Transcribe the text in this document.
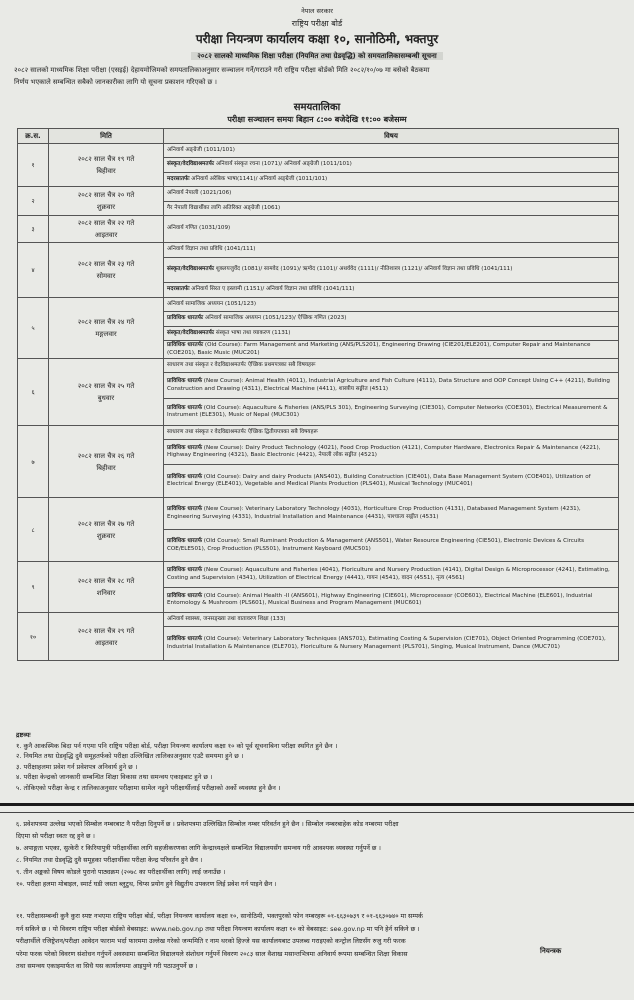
नेपाल सरकार
राष्ट्रिय परीक्षा बोर्ड
परीक्षा नियन्त्रण कार्यालय कक्षा १०, सानोठिमी, भक्तपुर
२०८२ सालको माध्यमिक शिक्षा परीक्षा (नियमित तथा ग्रेडवृद्धि) को समयतालिकासम्बन्धी सूचना
२०८२ सालको माध्यमिक शिक्षा परीक्षा (एसइई) देहायमोजिमको समयतालिकाअनुसार सञ्चालन गर्ने/गराउने गरी राष्ट्रिय परीक्षा बोर्डको मिति २०८२/१०/०७ मा बसेको बैठकमा
निर्णय भएकाले सम्बन्धित सबैको जानकारीका लागि यो सूचना प्रकाशन गरिएको छ ।
समयतालिका
परीक्षा सञ्चालन समयः बिहान ८:०० बजेदेखि ११:०० बजेसम्म
क्र.स.	मिति	विषय
१	२०८२ साल चैत्र १९ गते
बिहीवार	अनिवार्य अङ्ग्रेजी (1011/101)
		संस्कृत/वेदविद्याश्रमतर्फः अनिवार्य संस्कृत रचना (1071)/ अनिवार्य अङ्ग्रेजी (1011/101)
		मदरसातर्फः अनिवार्य अरेबिक भाषा(1141)/ अनिवार्य अङ्ग्रेजी (1011/101)
२	२०८२ साल चैत्र २० गते
शुक्रवार	अनिवार्य नेपाली (1021/106)
		गैर नेपाली विद्यार्थीका लागि अतिरिक्त अङ्ग्रेजी (1061)
३	२०८२ साल चैत्र २२ गते
आइतवार	अनिवार्य गणित (1031/109)
४	२०८२ साल चैत्र २३ गते
सोमवार	अनिवार्य विज्ञान तथा प्रविधि (1041/111)
		संस्कृत/वेदविद्याश्रमतर्फः शुक्लयजुर्वेद (1081)/ सामवेद (1091)/ ऋग्वेद (1101)/ अथर्ववेद (1111)/ नीतिशास्त्र (1121)/ अनिवार्य विज्ञान तथा प्रविधि (1041/111)
		मदरसातर्फः अनिवार्य सिरत ए इस्लामी (1151)/ अनिवार्य विज्ञान तथा प्रविधि (1041/111)
५	२०८२ साल चैत्र २४ गते
मङ्गलवार	अनिवार्य सामाजिक अध्ययन (1051/123)
		प्राविधिक धारतर्फः अनिवार्य सामाजिक अध्ययन (1051/123)/ ऐच्छिक गणित (2023)
		संस्कृत/वेदविद्याश्रमतर्फः संस्कृत भाषा तथा व्याकरण (1131)
		प्राविधिक धारतर्फः (Old Course): Farm Management and Marketing (ANS/PLS201), Engineering Drawing (CIE201/ELE201), Computer Repair and Maintenance (COE201), Basic Music (MUC201)
६	२०८२ साल चैत्र २५ गते
बुधवार	साधारण तथा संस्कृत र वेदविद्याश्रमतर्फः ऐच्छिक प्रथमपत्रका सबै विषयहरू
		प्राविधिक धारतर्फ (New Course): Animal Health (4011), Industrial Agriculture and Fish Culture (4111), Data Structure and OOP Concept Using C++ (4211), Building Construction and Drawing (4311), Electrical Machine (4411), शास्त्रीय सङ्गीत (4511)
		प्राविधिक धारतर्फ (Old Course): Aquaculture & Fisheries (ANS/PLS 301), Engineering Surveying (CIE301), Computer Networks (COE301), Electrical Measurement & Instrument (ELE301), Music of Nepal (MUC301)
७	२०८२ साल चैत्र २६ गते
बिहीवार	साधारण तथा संस्कृत र वेदविद्याश्रमतर्फः ऐच्छिक द्वितीयपत्रका सबै विषयहरू
		प्राविधिक धारतर्फ (New Course): Dairy Product Technology (4021), Food Crop Production (4121), Computer Hardware, Electronics Repair & Maintenance (4221), Highway Engineering (4321), Basic Electronic (4421), नेपाली लोक सङ्गीत (4521)
		प्राविधिक धारतर्फ (Old Course): Dairy and dairy Products (ANS401), Building Construction (CIE401), Data Base Management System (COE401), Utilization of Electrical Energy (ELE401), Vegetable and Medical Plants Production (PLS401), Musical Technology (MUC401)
८	२०८२ साल चैत्र २७ गते
शुक्रवार	प्राविधिक धारतर्फ (New Course): Veterinary Laboratory Technology (4031), Horticulture Crop Production (4131), Databased Management System (4231), Engineering Surveying (4331), Industrial Installation and Maintenance (4431), पाश्चात्य सङ्गीत (4531)
		प्राविधिक धारतर्फ (Old Course): Small Ruminant Production & Management (ANS501), Water Resource Engineering (CIE501), Electronic Devices & Circuits COE/ELE501), Crop Production (PLS501), Instrument Keyboard (MUC501)
९	२०८२ साल चैत्र २८ गते
शनिवार	प्राविधिक धारतर्फ (New Course): Aquaculture and Fisheries (4041), Floriculture and Nursery Production (4141), Digital Design & Microprocessor (4241), Estimating, Costing and Supervision (4341), Utilization of Electrical Energy (4441), गायन (4541), वादन (4551), नृत्य (4561)
		प्राविधिक धारतर्फ (Old Course): Animal Health -II (ANS601), Highway Engineering (CIE601), Microprocessor (COE601), Electrical Machine (ELE601), Industrial Entomology & Mushroom (PLS601), Musical Business and Program Management (MUC601)
१०	२०८२ साल चैत्र २९ गते
आइतवार	अनिवार्य स्वास्थ्य, जनसङ्ख्या तथा वातावरण शिक्षा (133)
		प्राविधिक धारतर्फ (Old Course): Veterinary Laboratory Techniques (ANS701), Estimating Costing & Supervision (CIE701), Object Oriented Programming (COE701), Industrial Installation & Maintenance (ELE701), Floriculture & Nursery Management (PLS701), Singing, Musical Instrument, Dance (MUC701)
द्रष्टव्यः
१. कुनै आकस्मिक बिदा पर्न गएमा पनि राष्ट्रिय परीक्षा बोर्ड, परीक्षा नियन्त्रण कार्यालय कक्षा १० को पूर्व सूचनाबिना परीक्षा स्थगित हुने छैन ।
२. नियमित तथा ग्रेडवृद्धि दुवै समूहतर्फको परीक्षा उल्लिखित तालिकाअनुसार एउटै समयमा हुने छ ।
३. परीक्षाहलमा प्रवेश गर्न प्रवेशपत्र अनिवार्य हुने छ ।
४. परीक्षा केन्द्रको जानकारी सम्बन्धित शिक्षा विकास तथा समन्वय एकाइबाट हुने छ ।
५. तोकिएको परीक्षा केन्द्र र तालिकाअनुसार परीक्षामा सामेल नहुने परीक्षार्थीलाई परीक्षाको अर्को व्यवस्था हुने छैन ।
६. प्रवेशपत्रमा उल्लेख भएको सिम्बोल नम्बरबाट नै परीक्षा दिनुपर्ने छ । प्रवेशपत्रमा उल्लिखित सिम्बोल नम्बर परिवर्तन हुने छैन । सिम्बोल नम्बरबाहेक कोड नम्बरमा परीक्षा
दिएमा सो परीक्षा स्वतः रद्द हुने छ ।
७. अपाङ्गता भएका, सुत्केरी र किरियापुत्री परीक्षार्थीका लागि सहजीकरणका लागि केन्द्राध्यक्षले सम्बन्धित विद्यालयसँग समन्वय गरी आवश्यक व्यवस्था गर्नुपर्ने छ ।
८. नियमित तथा ग्रेडवृद्धि दुवै समूहका परीक्षार्थीका परीक्षा केन्द्र परिवर्तन हुने छैन ।
९. तीन अङ्कको विषय कोडले पुरानो पाठ्यक्रम (२०७८ का परीक्षार्थीका लागि) लाई जनाउँछ ।
१०. परीक्षा हलमा मोबाइल, स्मार्ट घडी जस्ता ब्लुटुथ, चिप्स प्रयोग हुने विद्युतीय उपकरण लिई प्रवेश गर्न पाइने छैन ।
११. परीक्षासम्बन्धी कुनै कुरा स्पष्ट नभएमा राष्ट्रिय परीक्षा बोर्ड, परीक्षा नियन्त्रण कार्यालय कक्षा १०, सानोठिमी, भक्तपुरको फोन नम्बरहरू ०१-६६३०७३९ र ०१-६६३०७४० मा सम्पर्क
गर्न सकिने छ । यो विवरण राष्ट्रिय परीक्षा बोर्डको वेबसाइट: www.neb.gov.np तथा परीक्षा नियन्त्रण कार्यालय कक्षा १० को वेबसाइट: see.gov.np मा पनि हेर्न सकिने छ ।
परीक्षार्थीले रजिष्ट्रेशन/परीक्षा आवेदन फाराम भर्दा फारममा उल्लेख गरेको जन्ममिति र नाम थरको हिज्जे यस कार्यालयबाट उपलब्ध गराइएको कन्ट्रोल लिष्टसँग रुजु गरी फरक
परेमा फरक परेको विवरण संशोधन गर्नुपर्ने अवस्थामा सम्बन्धित विद्यालयले संशोधन गर्नुपर्ने विवरण २०८३ साल वैशाख मसान्तभित्रमा अनिवार्य रूपमा सम्बन्धित शिक्षा विकास
तथा समन्वय एकाइमार्फत वा सिधै यस कार्यालयमा आइपुग्ने गरी पठाउनुपर्ने छ ।
नियन्त्रक
